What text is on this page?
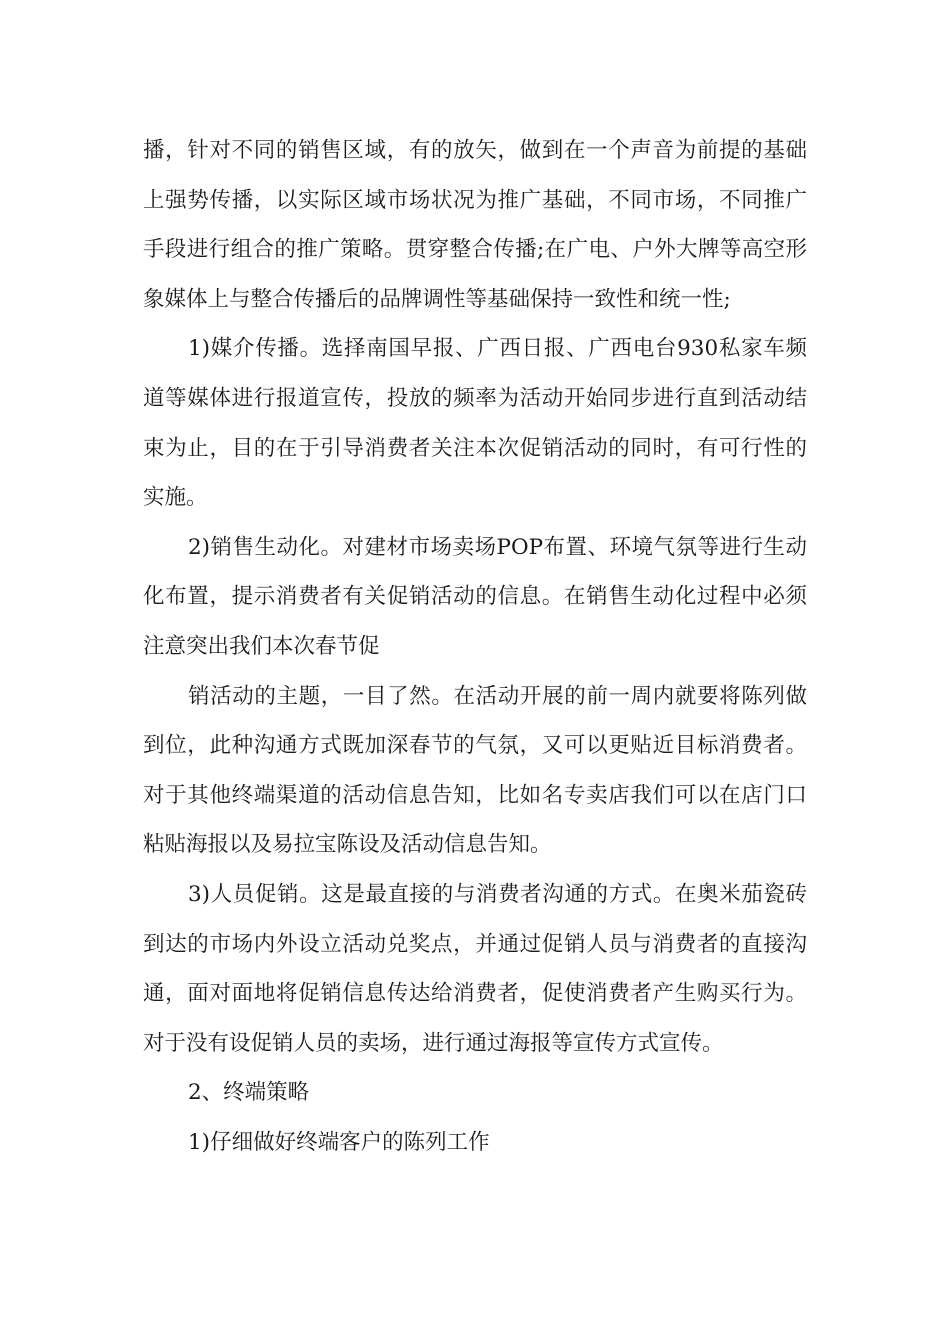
播，针对不同的销售区域，有的放矢，做到在一个声音为前提的基础上强势传播，以实际区域市场状况为推广基础，不同市场，不同推广手段进行组合的推广策略。贯穿整合传播;在广电、户外大牌等高空形象媒体上与整合传播后的品牌调性等基础保持一致性和统一性;

1)媒介传播。选择南国早报、广西日报、广西电台930私家车频道等媒体进行报道宣传，投放的频率为活动开始同步进行直到活动结束为止，目的在于引导消费者关注本次促销活动的同时，有可行性的实施。

2)销售生动化。对建材市场卖场POP布置、环境气氛等进行生动化布置，提示消费者有关促销活动的信息。在销售生动化过程中必须注意突出我们本次春节促

销活动的主题，一目了然。在活动开展的前一周内就要将陈列做到位，此种沟通方式既加深春节的气氛，又可以更贴近目标消费者。对于其他终端渠道的活动信息告知，比如名专卖店我们可以在店门口粘贴海报以及易拉宝陈设及活动信息告知。

3)人员促销。这是最直接的与消费者沟通的方式。在奥米茄瓷砖到达的市场内外设立活动兑奖点，并通过促销人员与消费者的直接沟通，面对面地将促销信息传达给消费者，促使消费者产生购买行为。对于没有设促销人员的卖场，进行通过海报等宣传方式宣传。

2、终端策略

1)仔细做好终端客户的陈列工作
